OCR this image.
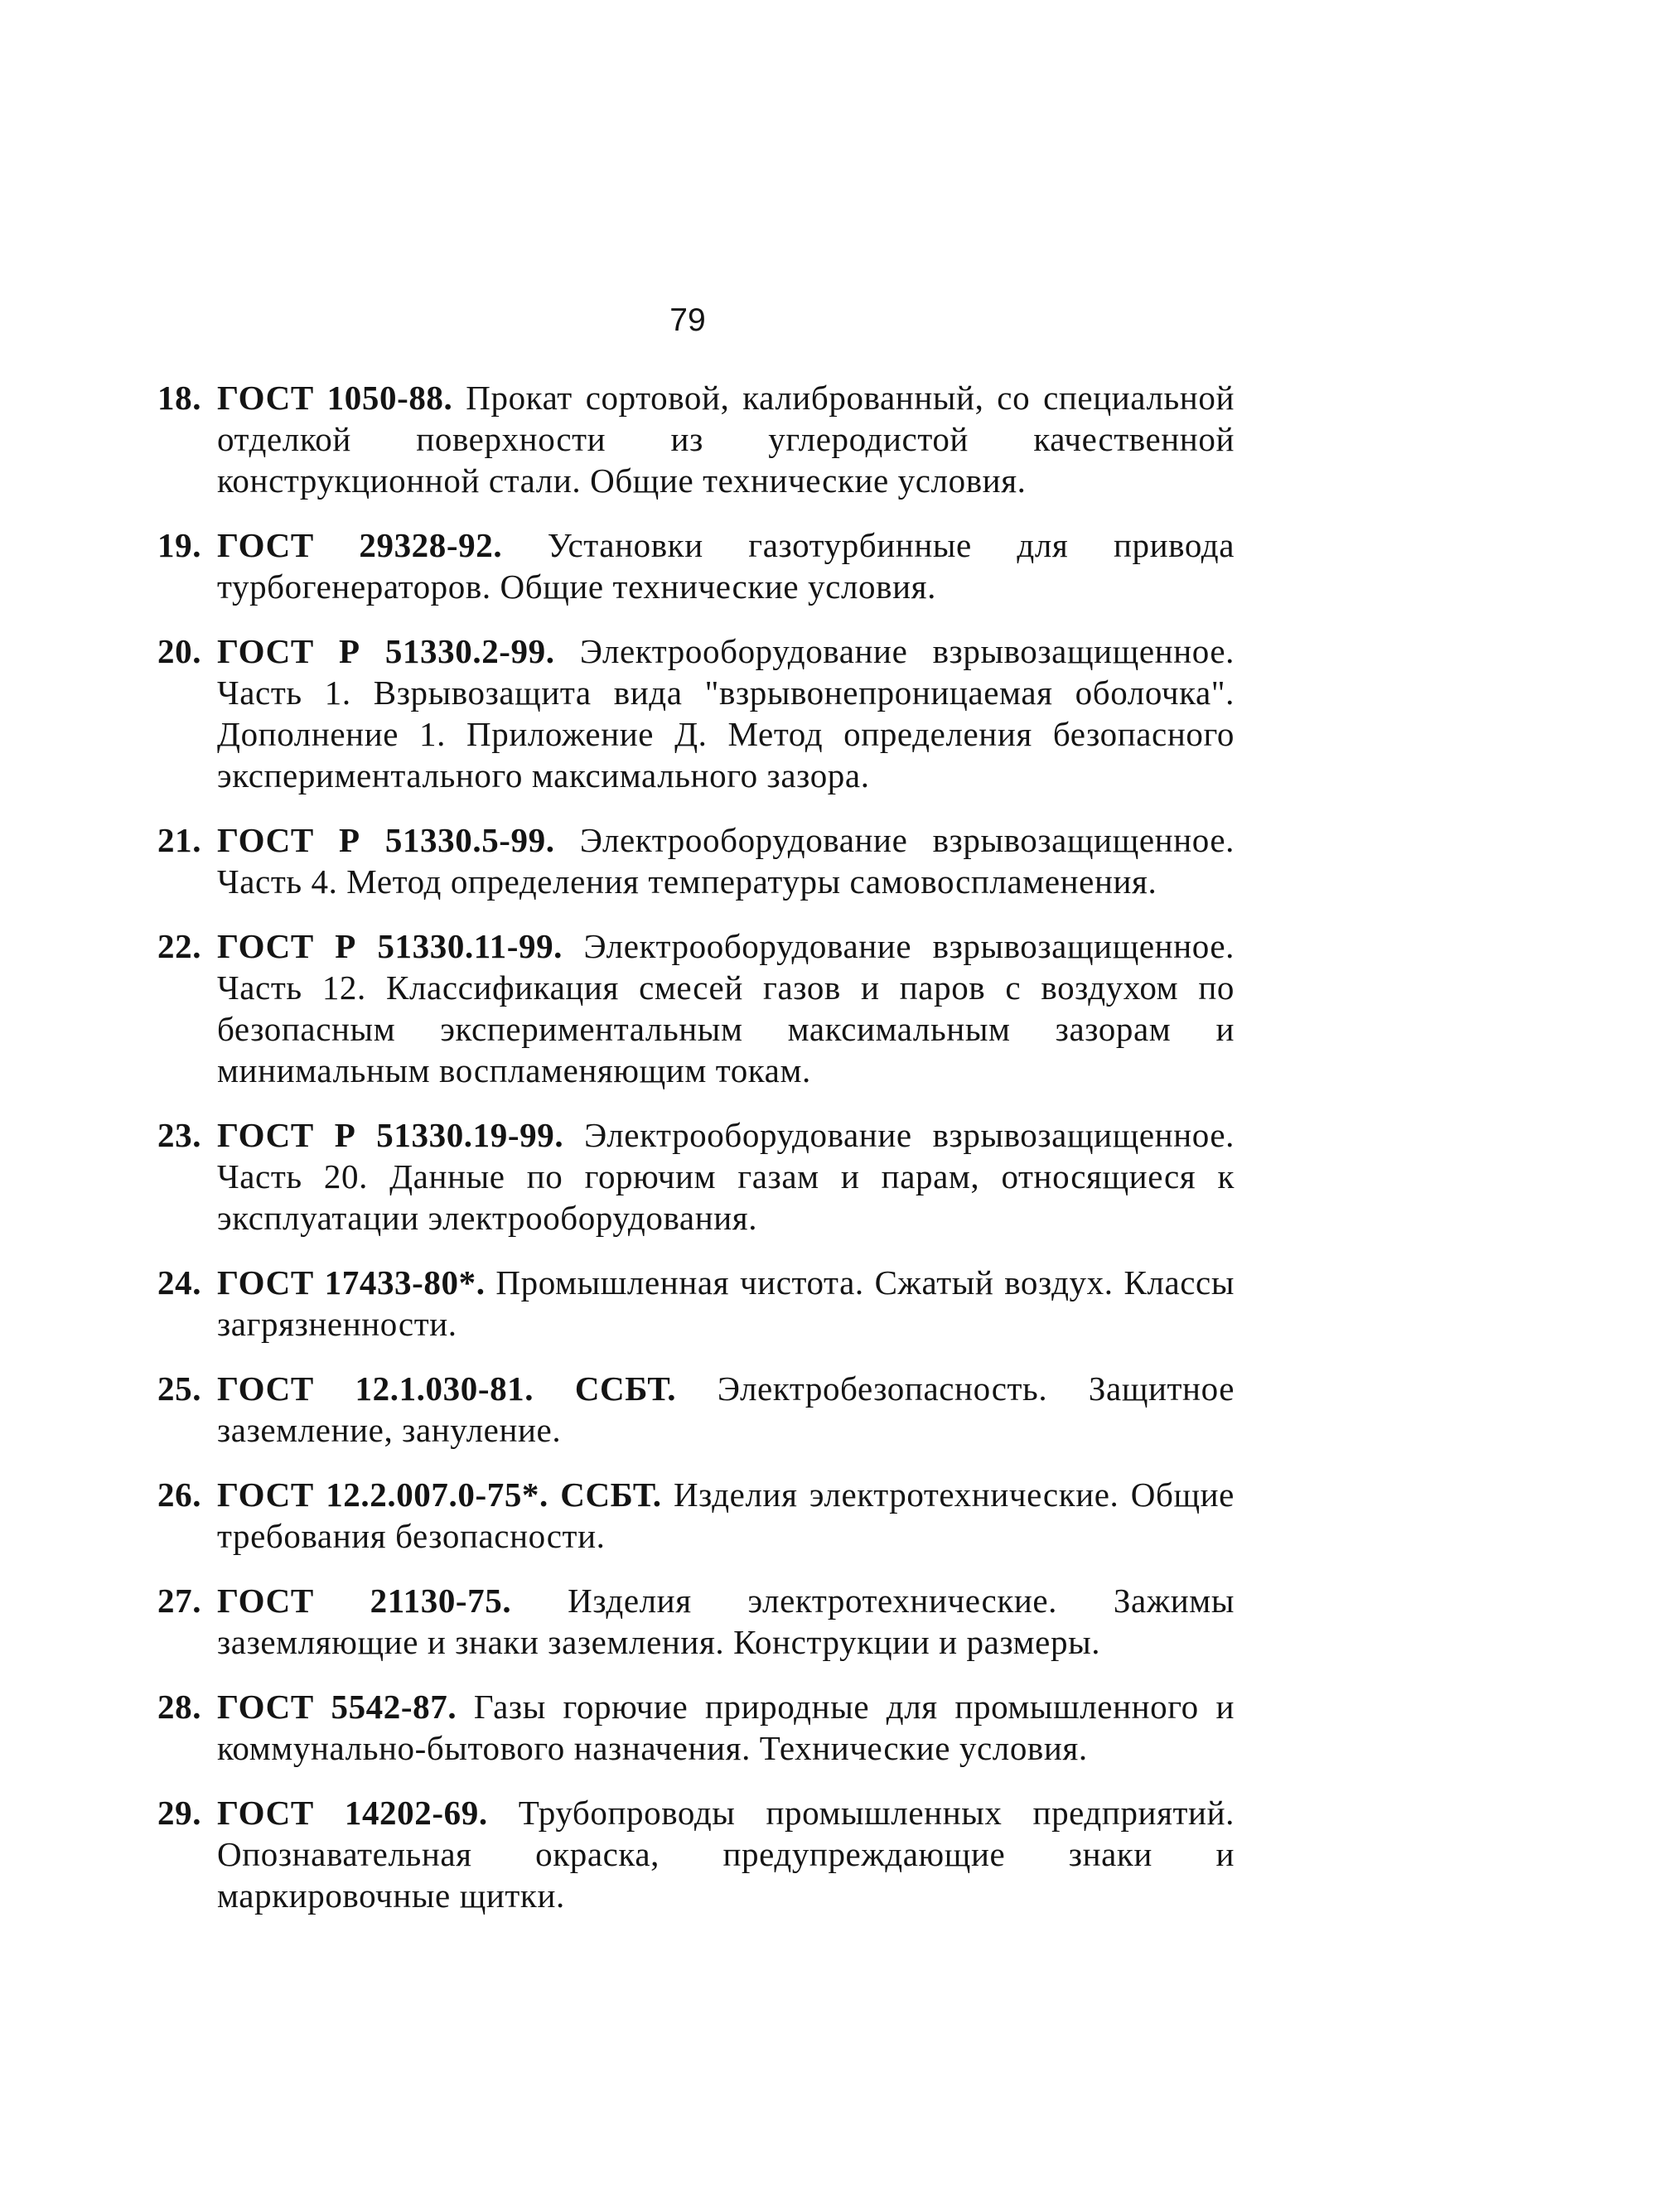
79
18. ГОСТ 1050-88. Прокат сортовой, калиброванный, со специальной отделкой поверхности из углеродистой качественной конструкционной стали. Общие технические условия.
19. ГОСТ 29328-92. Установки газотурбинные для привода турбогенераторов. Общие технические условия.
20. ГОСТ Р 51330.2-99. Электрооборудование взрывозащищенное. Часть 1. Взрывозащита вида "взрывонепроницаемая оболочка". Дополнение 1. Приложение Д. Метод определения безопасного экспериментального максимального зазора.
21. ГОСТ Р 51330.5-99. Электрооборудование взрывозащищенное. Часть 4. Метод определения температуры самовоспламенения.
22. ГОСТ Р 51330.11-99. Электрооборудование взрывозащищенное. Часть 12. Классификация смесей газов и паров с воздухом по безопасным экспериментальным максимальным зазорам и минимальным воспламеняющим токам.
23. ГОСТ Р 51330.19-99. Электрооборудование взрывозащищенное. Часть 20. Данные по горючим газам и парам, относящиеся к эксплуатации электрооборудования.
24. ГОСТ 17433-80*. Промышленная чистота. Сжатый воздух. Классы загрязненности.
25. ГОСТ 12.1.030-81. ССБТ. Электробезопасность. Защитное заземление, зануление.
26. ГОСТ 12.2.007.0-75*. ССБТ. Изделия электротехнические. Общие требования безопасности.
27. ГОСТ 21130-75. Изделия электротехнические. Зажимы заземляющие и знаки заземления. Конструкции и размеры.
28. ГОСТ 5542-87. Газы горючие природные для промышленного и коммунально-бытового назначения. Технические условия.
29. ГОСТ 14202-69. Трубопроводы промышленных предприятий. Опознавательная окраска, предупреждающие знаки и маркировочные щитки.
